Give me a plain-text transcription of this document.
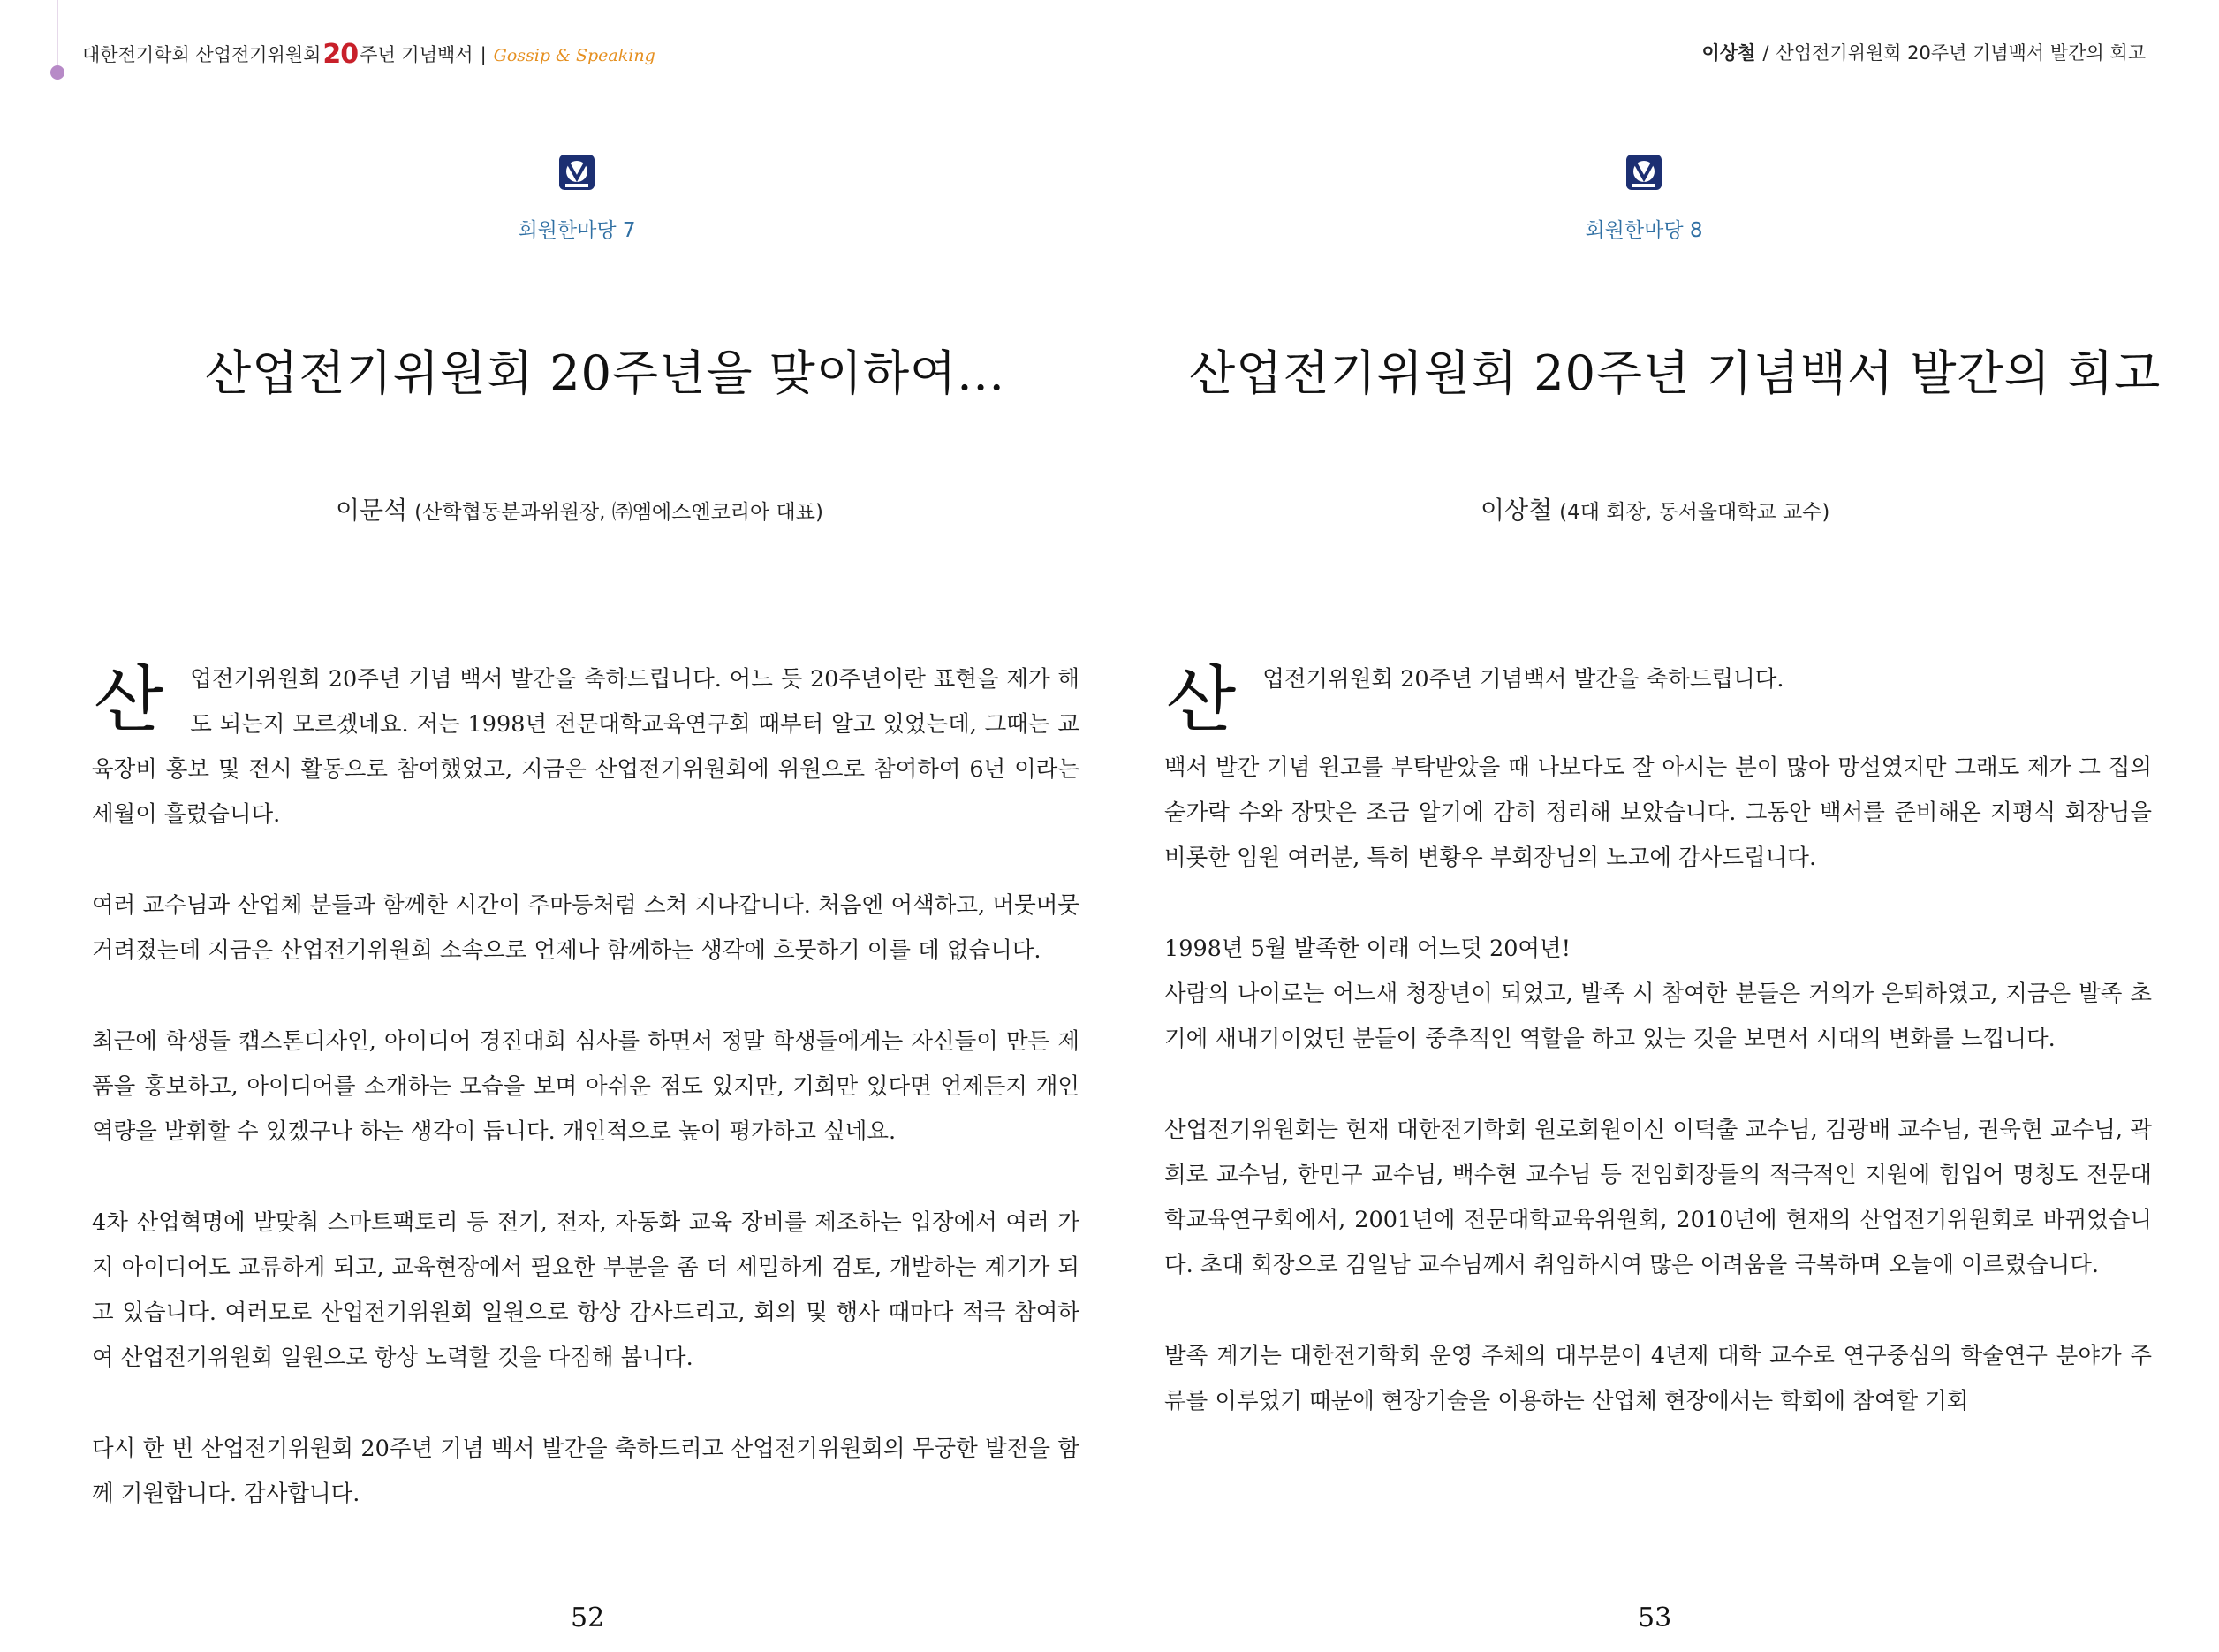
대한전기학회 산업전기위원회20주년 기념백서 | Gossip & Speaking
회원한마당 7
산업전기위원회 20주년을 맞이하여...
이문석 (산학협동분과위원장, ㈜엠에스엔코리아 대표)

산 업전기위원회 20주년 기념 백서 발간을 축하드립니다. 어느 듯 20주년이란 표현을 제가 해도 되는지 모르겠네요. 저는 1998년 전문대학교육연구회 때부터 알고 있었는데, 그때는 교육장비 홍보 및 전시 활동으로 참여했었고, 지금은 산업전기위원회에 위원으로 참여하여 6년 이라는 세월이 흘렀습니다.

여러 교수님과 산업체 분들과 함께한 시간이 주마등처럼 스쳐 지나갑니다. 처음엔 어색하고, 머뭇머뭇 거려졌는데 지금은 산업전기위원회 소속으로 언제나 함께하는 생각에 흐뭇하기 이를 데 없습니다.

최근에 학생들 캡스톤디자인, 아이디어 경진대회 심사를 하면서 정말 학생들에게는 자신들이 만든 제품을 홍보하고, 아이디어를 소개하는 모습을 보며 아쉬운 점도 있지만, 기회만 있다면 언제든지 개인 역량을 발휘할 수 있겠구나 하는 생각이 듭니다. 개인적으로 높이 평가하고 싶네요.

4차 산업혁명에 발맞춰 스마트팩토리 등 전기, 전자, 자동화 교육 장비를 제조하는 입장에서 여러 가지 아이디어도 교류하게 되고, 교육현장에서 필요한 부분을 좀 더 세밀하게 검토, 개발하는 계기가 되고 있습니다. 여러모로 산업전기위원회 일원으로 항상 감사드리고, 회의 및 행사 때마다 적극 참여하여 산업전기위원회 일원으로 항상 노력할 것을 다짐해 봅니다.

다시 한 번 산업전기위원회 20주년 기념 백서 발간을 축하드리고 산업전기위원회의 무궁한 발전을 함께 기원합니다. 감사합니다.

52
이상철 / 산업전기위원회 20주년 기념백서 발간의 회고
회원한마당 8
산업전기위원회 20주년 기념백서 발간의 회고
이상철 (4대 회장, 동서울대학교 교수)

산 업전기위원회 20주년 기념백서 발간을 축하드립니다.

백서 발간 기념 원고를 부탁받았을 때 나보다도 잘 아시는 분이 많아 망설였지만 그래도 제가 그 집의 숟가락 수와 장맛은 조금 알기에 감히 정리해 보았습니다. 그동안 백서를 준비해온 지평식 회장님을 비롯한 임원 여러분, 특히 변황우 부회장님의 노고에 감사드립니다.

1998년 5월 발족한 이래 어느덧 20여년!

사람의 나이로는 어느새 청장년이 되었고, 발족 시 참여한 분들은 거의가 은퇴하였고, 지금은 발족 초기에 새내기이었던 분들이 중추적인 역할을 하고 있는 것을 보면서 시대의 변화를 느낍니다.

산업전기위원회는 현재 대한전기학회 원로회원이신 이덕출 교수님, 김광배 교수님, 권욱현 교수님, 곽희로 교수님, 한민구 교수님, 백수현 교수님 등 전임회장들의 적극적인 지원에 힘입어 명칭도 전문대학교육연구회에서, 2001년에 전문대학교육위원회, 2010년에 현재의 산업전기위원회로 바뀌었습니다. 초대 회장으로 김일남 교수님께서 취임하시여 많은 어려움을 극복하며 오늘에 이르렀습니다.

발족 계기는 대한전기학회 운영 주체의 대부분이 4년제 대학 교수로 연구중심의 학술연구 분야가 주류를 이루었기 때문에 현장기술을 이용하는 산업체 현장에서는 학회에 참여할 기회

53
